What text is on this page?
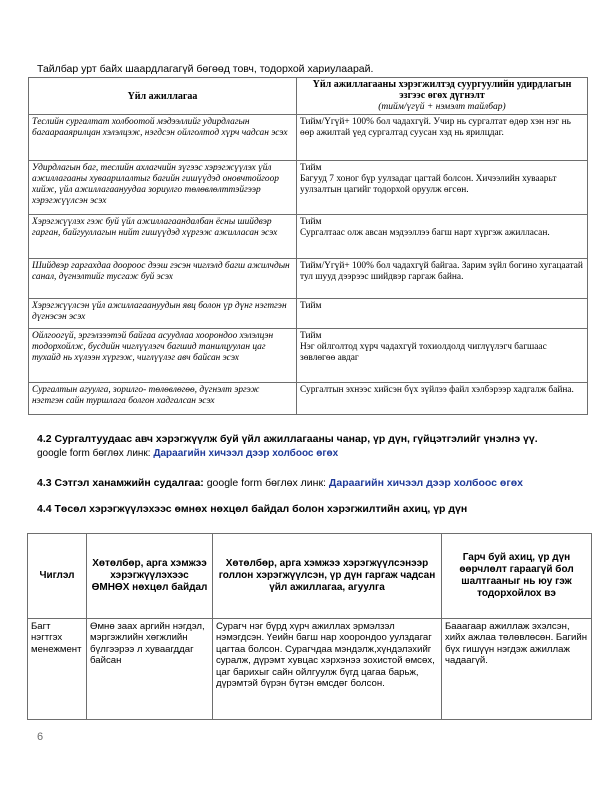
Тайлбар урт байх шаардлагагүй бөгөөд товч, тодорхой хариулаарай.
Үйл ажиллагаа	Үйл ажиллагааны хэрэгжилтэд суургуулийн удирдлагын эзгээс өгөх дүгнэлт
(тийм/үгүй + нэмэлт тайлбар)
Тeслийн сургалтaт холбоотой мэдээллийг удирдлагын багаарааярилцан хэлэлцэж, нэгдсэн ойлголтoд хүрч чадсан эсэх	Тийм/Үгүй+ 100% бол чадахгүй. Учир нь сургалтaт өдөр хэн нэг нь өөр ажилтай үед сургалтад суусан хэд нь ярилцдаг.
Удирдлагын баг, теслийн ахлагчийн зүгээс хэрэгжүүлэх үйл ажиллагааны хуваарилалтыг багийн гишүүдэд оновчтойгоор хийж, үйл ажиллагаануудаа зориулго төлөвлөлттэйгээр хэрэгжүүлсэн эсэх	Тийм
Багууд 7 хонoг бүр уулзадаг цагтай болсон. Хичээлийн хуваарьт уулзалтын цагийг тодорхой оруулж өгсөн.
Хэрэгжүүлэх гэж буй үйл ажиллагаандалбан ёсны шийдвэр гарган, байгууллагын нийт гишүүдэд хүргэж ажилласан эсэх	Тийм
Сургалтаас олж авсан мэдээллээ багш нарт хүргэж ажилласан.
Шийдвэр гаргахдаа доороос дээш гэсэн чиглэлд багш ажилчдын санал, дүгнэлтийг тусгаж буй эсэх	Тийм/Үгүй+ 100% бол чадахгүй байгаа. Зарим зүйл богино хугацаатай тул шууд дээрээс шийдвэр гаргаж байна.
Хэрэгжүүлсэн үйл ажиллагаануудын явц болон үр дүнг нэгтгэн дүгнэсэн эсэх	Тийм
Ойлгоогүй, эргэлзээтэй байгаа асуудлаа хоорондоо хэлэлцэн тодорхойлж, бусдийн чиглүүлэгч багшид танилцуулан цаг тухайд нь хүлээн хүргэж, чиглүүлэг авч байсан эсэх	Тийм
Нэг ойлголтод хүрч чадахгүй тохиолдолд чиглүүлэгч багшаас зөвлөгөө авдаг
Сургалтын агуулга, зорилго- төлөвлөгөө, дүгнэлт эргэж нэгтгэн сайн туршлага болгон хадгалсан эсэх	Сургалтын эхнээс хийсэн бүх зүйлээ файл хэлбэрээр хадгалж байна.
4.2 Сургалтуудаас авч хэрэгжүүлж буй үйл ажиллагааны чанар, үр дүн, гүйцэтгэлийг үнэлнэ үү.
google form бөглөх линк: Дараагийн хичээл дээр холбоос өгөх
4.3 Сэтгэл ханамжийн судалгаа: google form бөглөх линк: Дараагийн хичээл дээр холбоос өгөх
4.4 Төсөл хэрэгжүүлэхээс өмнөх нөхцөл байдал болон хэрэгжилтийн ахиц, үр дүн
Чиглэл	Хөтөлбөр, арга хэмжээ хэрэгжүүлэхээс ӨМНӨХ нөхцөл байдал	Хөтөлбөр, арга хэмжээ хэрэгжүүлсэнээр голлон хэрэгжүүлсэн, үр дүн гаргаж чадсан үйл ажиллагаа, агуулга	Гарч буй ахиц, үр дүн өөрчлөлт гараагүй бол шалтгааныг нь юу гэж тодорхойлох вэ
Багт нэгтгэх менежмент	Өмнө заах аргийн нэгдэл, мэргэжлийн хөгжлийн бүлгээрээ л хуваагддаг байсан	Сурагч нэг бүрд хүрч ажиллах эрмэлзэл нэмэгдсэн. Үеийн багш нар хоорондоо уулздагаг цагтаа болсон. Сурагчдаа мэндэлж,хүндэлэхийг суралж, дүрэмт хувцас хэрхэнээ зохистой өмсөх, цаг барихыг сайн ойлгуулж бүгд цагаа барьж, дүрэмтэй бүрэн бүтэн өмсдөг болсон.	Бааагаар ажиллаж эхэлсэн, хийх ажлаа төлөвлөсөн. Багийн бүх гишүүн нэгдэж ажиллаж чадаагүй.
6
